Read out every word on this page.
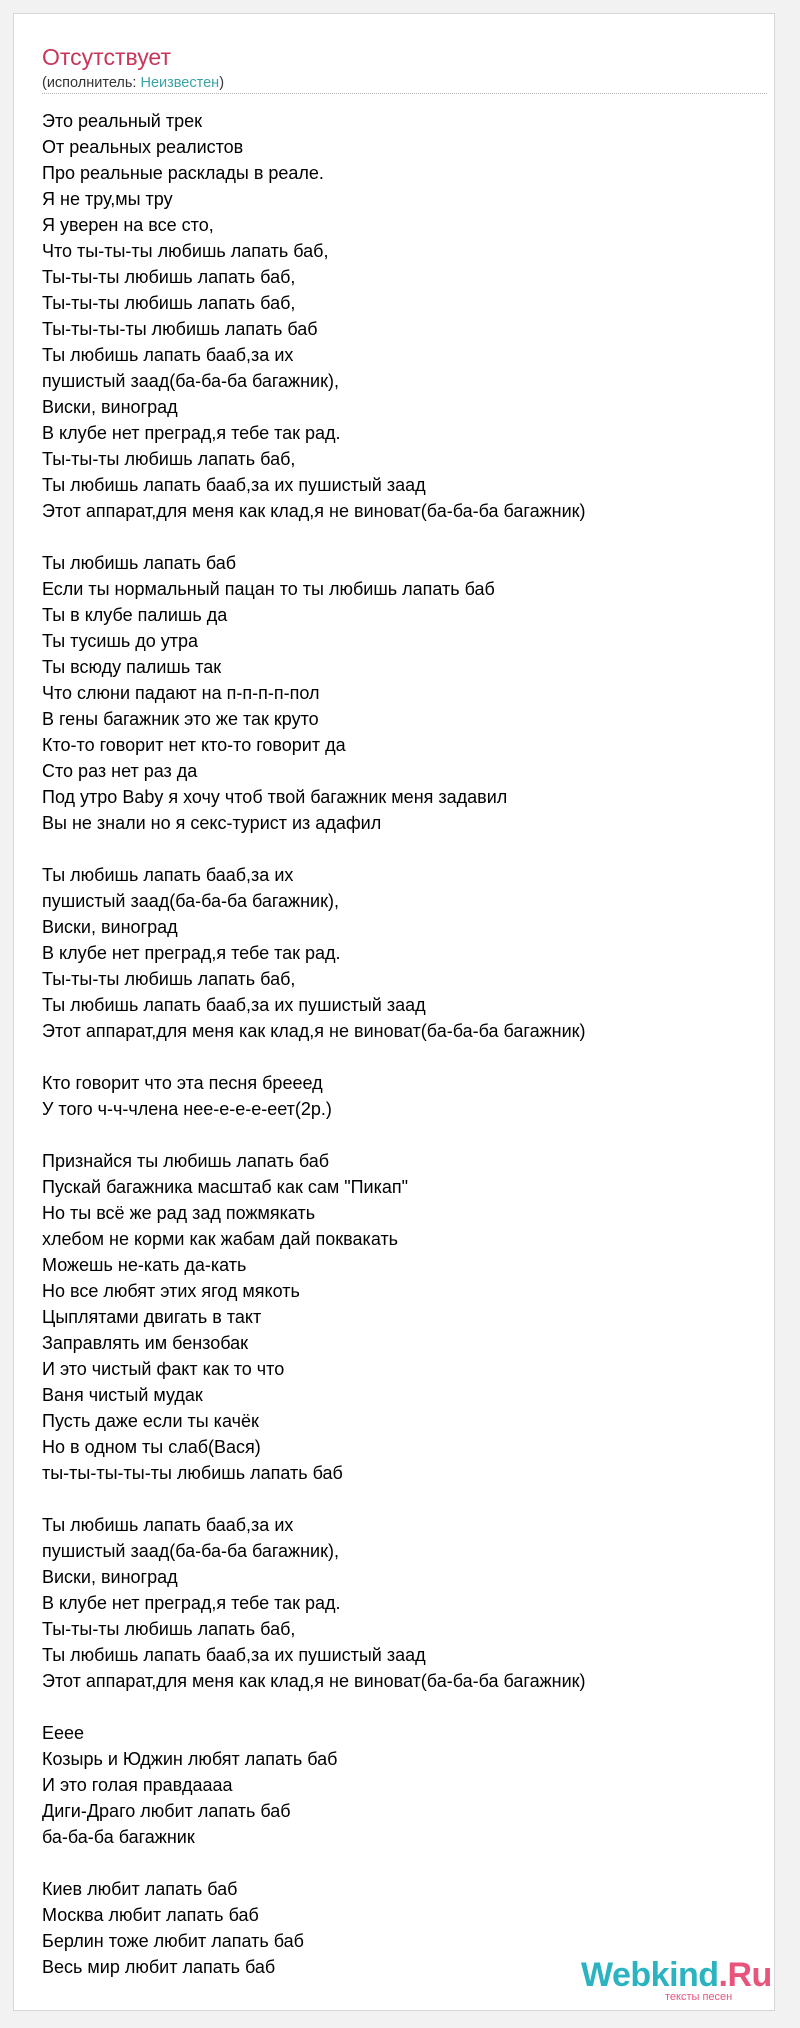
Отсутствует
(исполнитель: Неизвестен)
Это реальный трек
От реальных реалистов
Про реальные расклады в реале.
Я не тру,мы тру
Я уверен на все сто,
Что ты-ты-ты любишь лапать баб,
Ты-ты-ты любишь лапать баб,
Ты-ты-ты любишь лапать баб,
Ты-ты-ты-ты любишь лапать баб
Ты любишь лапать бааб,за их
пушистый заад(ба-ба-ба багажник),
Виски, виноград
В клубе нет преград,я тебе так рад.
Ты-ты-ты любишь лапать баб,
Ты любишь лапать бааб,за их пушистый заад
Этот аппарат,для меня как клад,я не виноват(ба-ба-ба багажник)
Ты любишь лапать баб
Если ты нормальный пацан то ты любишь лапать баб
Ты в клубе палишь да
Ты тусишь до утра
Ты всюду палишь так
Что слюни падают на п-п-п-п-пол
В гены багажник это же так круто
Кто-то говорит нет кто-то говорит да
Сто раз нет раз да
Под утро Baby я хочу чтоб твой багажник меня задавил
Вы не знали но я секс-турист из адафил
Ты любишь лапать бааб,за их
пушистый заад(ба-ба-ба багажник),
Виски, виноград
В клубе нет преград,я тебе так рад.
Ты-ты-ты любишь лапать баб,
Ты любишь лапать бааб,за их пушистый заад
Этот аппарат,для меня как клад,я не виноват(ба-ба-ба багажник)
Кто говорит что эта песня брееед
У того ч-ч-члена нее-е-е-е-еет(2р.)
Признайся ты любишь лапать баб
Пускай багажника масштаб как сам "Пикап"
Но ты всё же рад зад пожмякать
хлебом не корми как жабам дай поквакать
Можешь не-кать да-кать
Но все любят этих ягод мякоть
Цыплятами двигать в такт
Заправлять им бензобак
И это чистый факт как то что
Ваня чистый мудак
Пусть даже если ты качёк
Но в одном ты слаб(Вася)
ты-ты-ты-ты-ты любишь лапать баб
Ты любишь лапать бааб,за их
пушистый заад(ба-ба-ба багажник),
Виски, виноград
В клубе нет преград,я тебе так рад.
Ты-ты-ты любишь лапать баб,
Ты любишь лапать бааб,за их пушистый заад
Этот аппарат,для меня как клад,я не виноват(ба-ба-ба багажник)
Еееe
Козырь и Юджин любят лапать баб
И это голая правдаааа
Диги-Драго любит лапать баб
ба-ба-ба багажник
Киев любит лапать баб
Москва любит лапать баб
Берлин тоже любит лапать баб
Весь мир любит лапать баб	Webkind.Ru
тексты песен
